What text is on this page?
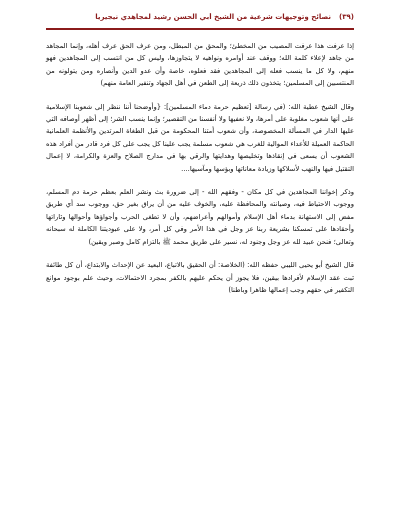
(٣٩)
نصائح وتوجيهات شرعية من الشيخ أبي الحسن رشيد لمجاهدي نيجيريا

إذا عرفت هذا عرفت المصيب من المخطئ؛ والمحق من المبطل، ومن عرف الحق عرف أهله، وإنما المجاهد من جاهد لإعلاء كلمة الله؛ ووقف عند أوامره ونواهيه لا يتجاوزها، وليس كل من انتسب إلى المجاهدين فهو منهم، ولا كل ما ينسب فعله إلى المجاهدين فقد فعلوه، خاصة وأن عدو الدين وأنصاره ومن يتولونه من المنتسبين إلى المسلمين؛ يتخذون ذلك ذريعة إلى الطعن في أهل الجهاد وتنفير العامة منهم)

وقال الشيخ عطية الله: (في رسالة [تعظيم حرمة دماء المسلمين]: {وأوضحنا أننا ننظر إلى شعوبنا الإسلامية على أنها شعوب مغلوبة على أمرها، ولا نعفيها ولا أنفسنا من التقصير؛ وإنما ينسب الشر؛ إلى أظهر أوصافه التي عليها الدار في المسألة المخصوصة، وأن شعوب أمتنا المحكومة من قبل الطغاة المرتدين والأنظمة العلمانية الحاكمة العميلة للأعداء الموالية للغرب هي شعوب مسلمة يجب علينا كل يجب على كل فرد قادر من أفراد هذه الشعوب أن يسعى في إنقاذها وتخليصها وهدايتها والرقي بها في مدارج الصلاح والعزة والكرامة، لا إعمال التقتيل فيها والنهب لأسلاكها وزيادة معاناتها وبؤسها ومآسيها....

وذكر إخواننا المجاهدين في كل مكان - وفقهم الله - إلى ضرورة بث ونشر العلم بعظم حرمة دم المسلم، ووجوب الاحتياط فيه، وصيانته والمحافظة عليه، والخوف عليه من أن يراق بغير حق، ووجوب سد أي طريق مفض إلى الاستهانة بدماء أهل الإسلام وأموالهم وأعراضهم، وأن لا تطغى الحرب وأجواؤها وأحوالها وثاراتها وأحقادها على تمسكنا بشريعة ربنا عز وجل في هذا الأمر وفي كل أمر، ولا على عبوديتنا الكاملة له سبحانه وتعالى؛ فنحن عبيد لله عز وجل وجنود له، نسير على طريق محمد ﷺ بالتزام كامل وصبر ويقين)

قال الشيخ أبو يحيى الليبي حفظه الله: (الخلاصة: أن الحقيق بالاتباع، البعيد عن الإحداث والابتداع، أن كل طائفة ثبت عقد الإسلام لأفرادها بيقين، فلا يجوز أن يحكم عليهم بالكفر بمجرد الاحتمالات، وحيث علم بوجود موانع التكفير في حقهم وجب إعمالها ظاهرا وباطنا)
